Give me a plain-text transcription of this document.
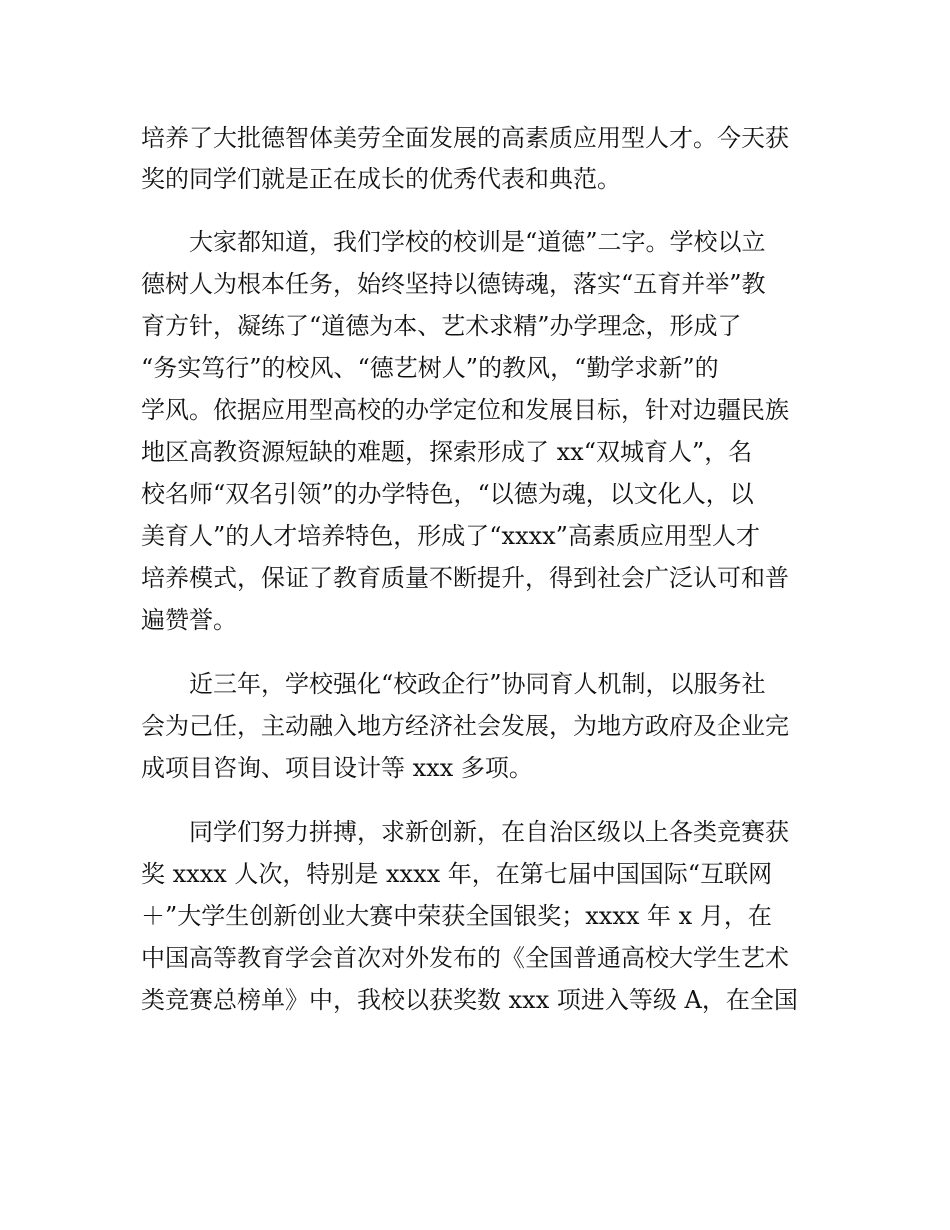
培养了大批德智体美劳全面发展的高素质应用型人才。今天获

奖的同学们就是正在成长的优秀代表和典范。

　　大家都知道，我们学校的校训是“道德”二字。学校以立

德树人为根本任务，始终坚持以德铸魂，落实“五育并举”教

育方针，凝练了“道德为本、艺术求精”办学理念，形成了

“务实笃行”的校风、“德艺树人”的教风，“勤学求新”的

学风。依据应用型高校的办学定位和发展目标，针对边疆民族

地区高教资源短缺的难题，探索形成了 xx“双城育人”，名

校名师“双名引领”的办学特色，“以德为魂，以文化人，以

美育人”的人才培养特色，形成了“xxxx”高素质应用型人才

培养模式，保证了教育质量不断提升，得到社会广泛认可和普

遍赞誉。

　　近三年，学校强化“校政企行”协同育人机制，以服务社

会为己任，主动融入地方经济社会发展，为地方政府及企业完

成项目咨询、项目设计等 xxx 多项。

　　同学们努力拼搏，求新创新，在自治区级以上各类竞赛获

奖 xxxx 人次，特别是 xxxx 年，在第七届中国国际“互联网

＋”大学生创新创业大赛中荣获全国银奖；xxxx 年 x 月，在

中国高等教育学会首次对外发布的《全国普通高校大学生艺术

类竞赛总榜单》中，我校以获奖数 xxx 项进入等级 A，在全国
